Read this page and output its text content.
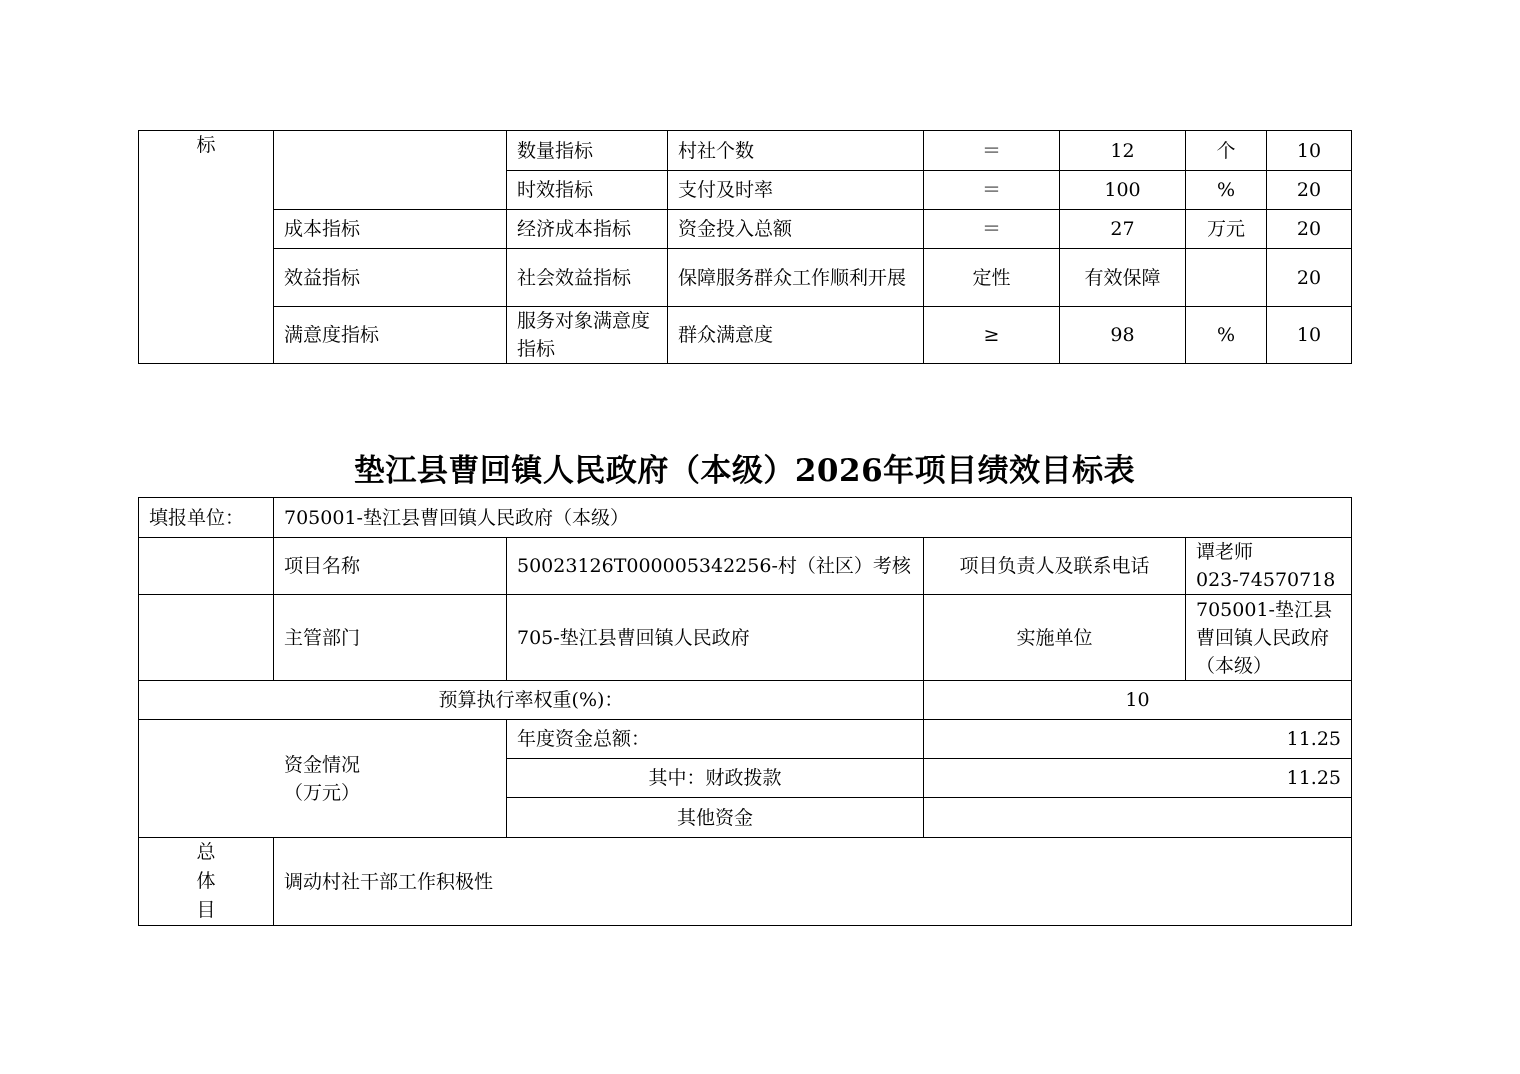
标		数量指标	村社个数	＝	12	个	10
		时效指标	支付及时率	＝	100	%	20
	成本指标	经济成本指标	资金投入总额	＝	27	万元	20
	效益指标	社会效益指标	保障服务群众工作顺利开展	定性	有效保障		20
	满意度指标	服务对象满意度指标	群众满意度	≥	98	%	10
垫江县曹回镇人民政府（本级）2026年项目绩效目标表
填报单位：	705001-垫江县曹回镇人民政府（本级）			
	项目名称	50023126T000005342256-村（社区）考核	项目负责人及联系电话	谭老师
023-74570718

	主管部门	705-垫江县曹回镇人民政府	实施单位	705001-垫江县曹回镇人民政府（本级）
预算执行率权重(%)：			10	

资金情况
（万元）		年度资金总额：	11.25	
		其中：财政拨款	11.25	
		其他资金		

总
体
目	调动村社干部工作积极性			
